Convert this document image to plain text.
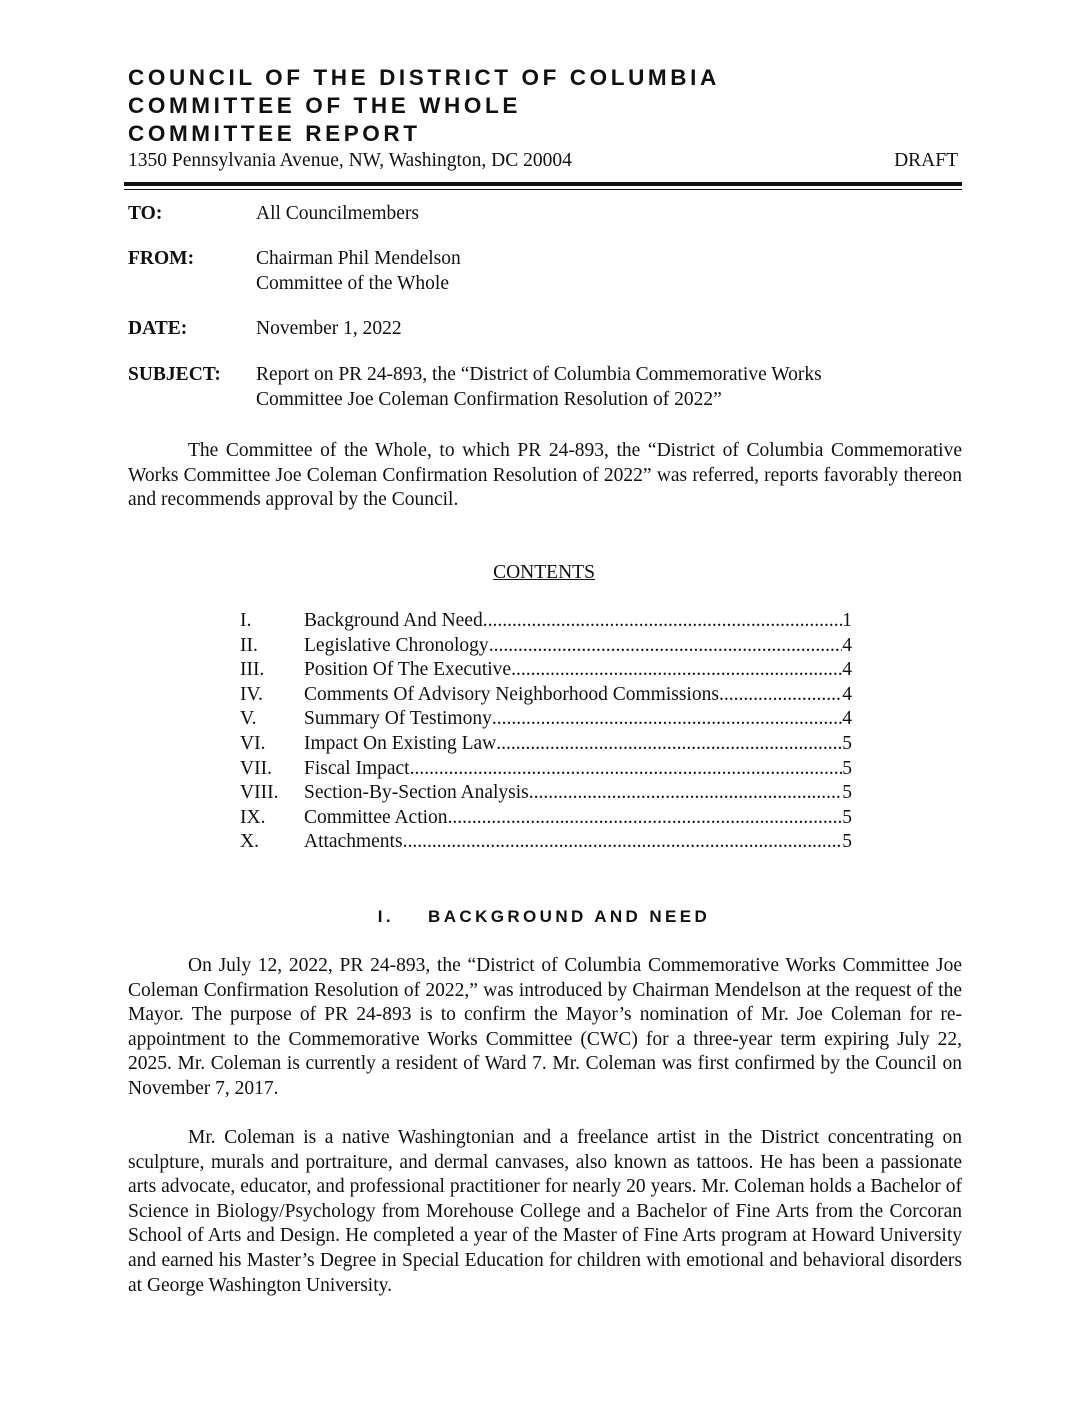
COUNCIL OF THE DISTRICT OF COLUMBIA
COMMITTEE OF THE WHOLE
COMMITTEE REPORT
1350 Pennsylvania Avenue, NW, Washington, DC 20004	DRAFT
TO:	All Councilmembers
FROM:	Chairman Phil Mendelson
Committee of the Whole
DATE:	November 1, 2022
SUBJECT: Report on PR 24-893, the “District of Columbia Commemorative Works
Committee Joe Coleman Confirmation Resolution of 2022”
The Committee of the Whole, to which PR 24-893, the “District of Columbia Commemorative Works Committee Joe Coleman Confirmation Resolution of 2022” was referred, reports favorably thereon and recommends approval by the Council.
CONTENTS
I.	Background And Need .....	1
II. Legislative Chronology .....	4
III. Position Of The Executive .....	4
IV. Comments Of Advisory Neighborhood Commissions .....	4
V. Summary Of Testimony .....	4
VI. Impact On Existing Law .....	5
VII. Fiscal Impact .....	5
VIII. Section-By-Section Analysis .....	5
IX. Committee Action .....	5
X. Attachments .....	5
I. BACKGROUND AND NEED
On July 12, 2022, PR 24-893, the “District of Columbia Commemorative Works Committee Joe Coleman Confirmation Resolution of 2022,” was introduced by Chairman Mendelson at the request of the Mayor. The purpose of PR 24-893 is to confirm the Mayor’s nomination of Mr. Joe Coleman for re-appointment to the Commemorative Works Committee (CWC) for a three-year term expiring July 22, 2025. Mr. Coleman is currently a resident of Ward 7. Mr. Coleman was first confirmed by the Council on November 7, 2017.
Mr. Coleman is a native Washingtonian and a freelance artist in the District concentrating on sculpture, murals and portraiture, and dermal canvases, also known as tattoos. He has been a passionate arts advocate, educator, and professional practitioner for nearly 20 years. Mr. Coleman holds a Bachelor of Science in Biology/Psychology from Morehouse College and a Bachelor of Fine Arts from the Corcoran School of Arts and Design. He completed a year of the Master of Fine Arts program at Howard University and earned his Master’s Degree in Special Education for children with emotional and behavioral disorders at George Washington University.
